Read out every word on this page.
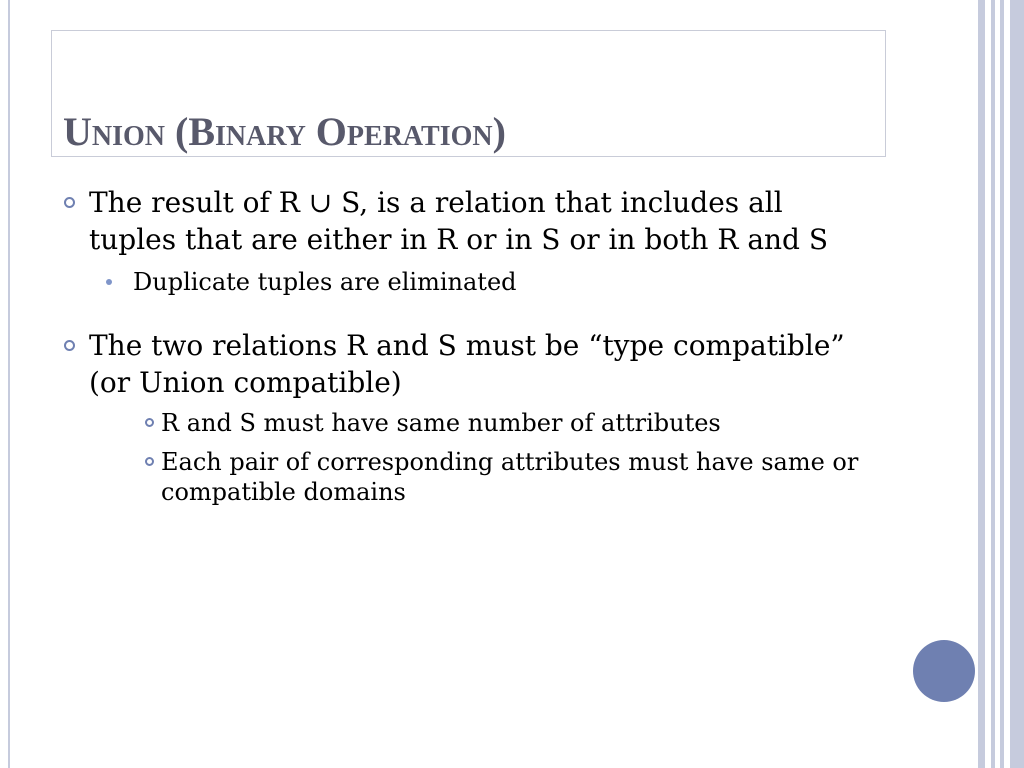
Union (Binary Operation)
The result of R ∪ S, is a relation that includes all
tuples that are either in R or in S or in both R and S
Duplicate tuples are eliminated
The two relations R and S must be “type compatible”
(or Union compatible)
R and S must have same number of attributes
Each pair of corresponding attributes must have same or
compatible domains
